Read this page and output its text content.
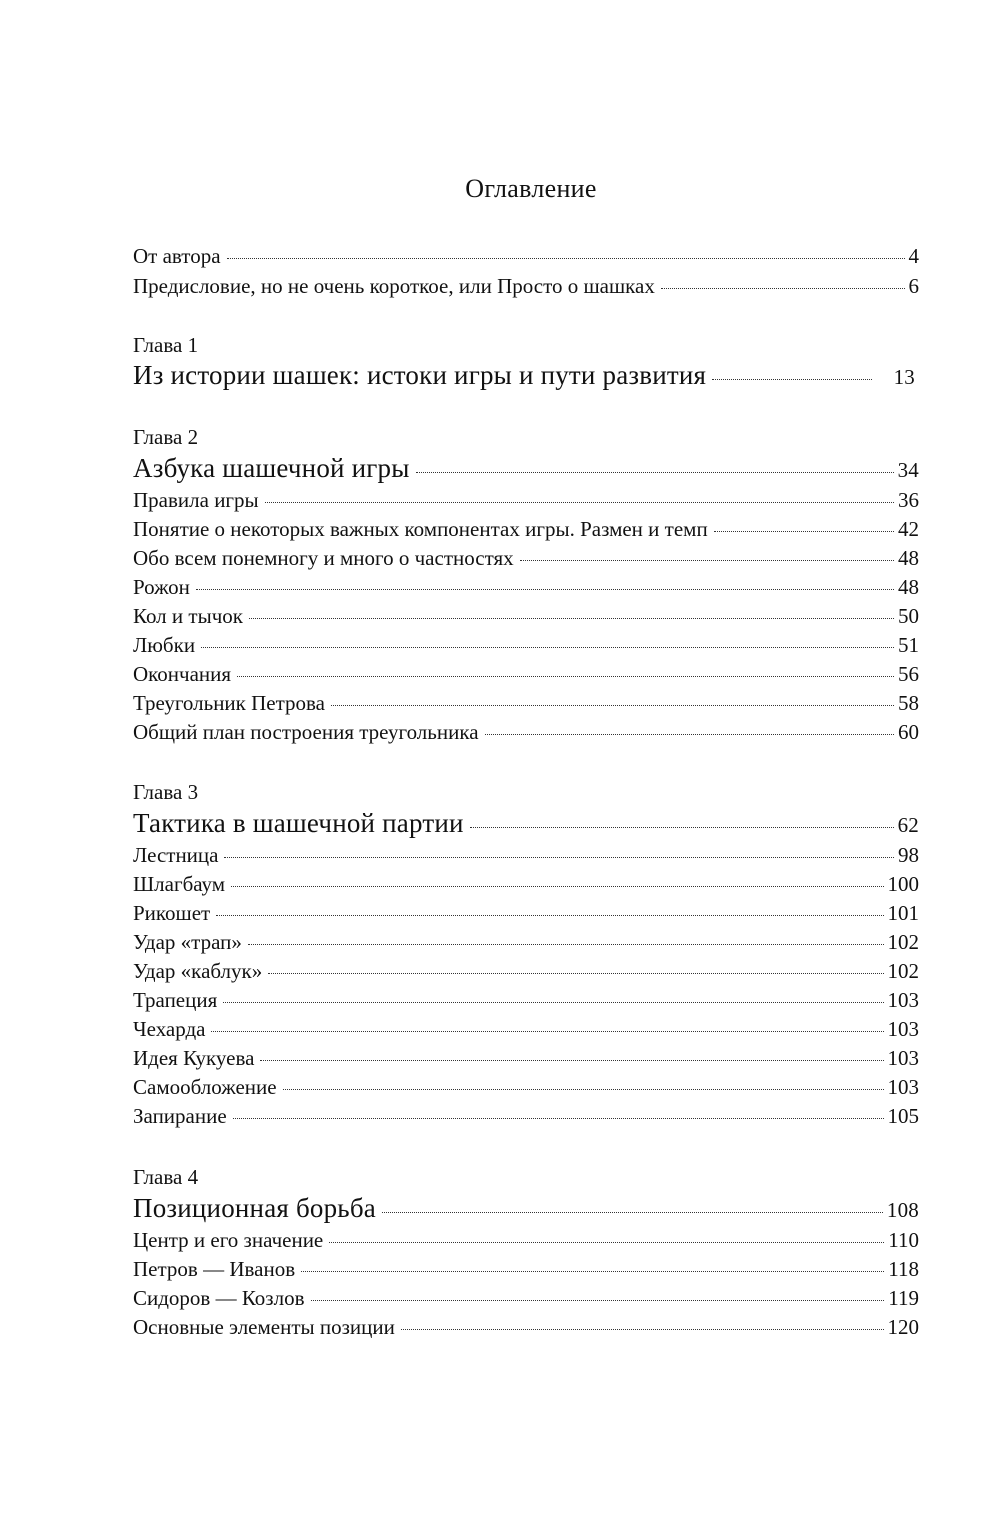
Оглавление
От автора	4
Предисловие, но не очень короткое, или Просто о шашках	6
Глава 1
Из истории шашек: истоки игры и пути развития	13
Глава 2
Азбука шашечной игры	34
Правила игры	36
Понятие о некоторых важных компонентах игры. Размен и темп	42
Обо всем понемногу и много о частностях	48
Рожон	48
Кол и тычок	50
Любки	51
Окончания	56
Треугольник Петрова	58
Общий план построения треугольника	60
Глава 3
Тактика в шашечной партии	62
Лестница	98
Шлагбаум	100
Рикошет	101
Удар «трап»	102
Удар «каблук»	102
Трапеция	103
Чехарда	103
Идея Кукуева	103
Самообложение	103
Запирание	105
Глава 4
Позиционная борьба	108
Центр и его значение	110
Петров — Иванов	118
Сидоров — Козлов	119
Основные элементы позиции	120
